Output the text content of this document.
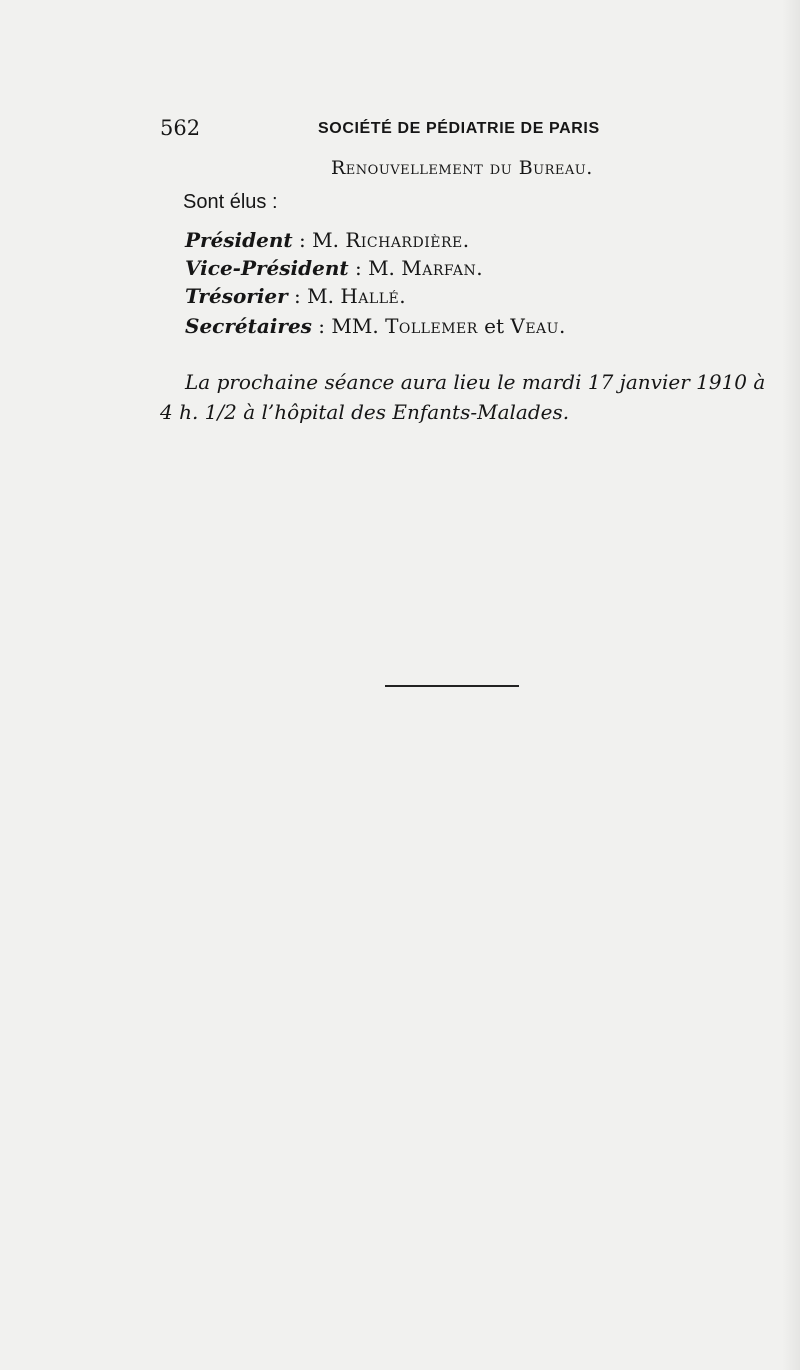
562	SOCIÉTÉ DE PÉDIATRIE DE PARIS
Renouvellement du Bureau.
Sont élus :
Président : M. Richardière.
Vice-Président : M. Marfan.
Trésorier : M. Hallé.
Secrétaires : MM. Tollemer et Veau.
La prochaine séance aura lieu le mardi 17 janvier 1910 à
4 h. 1/2 à l’hôpital des Enfants-Malades.
